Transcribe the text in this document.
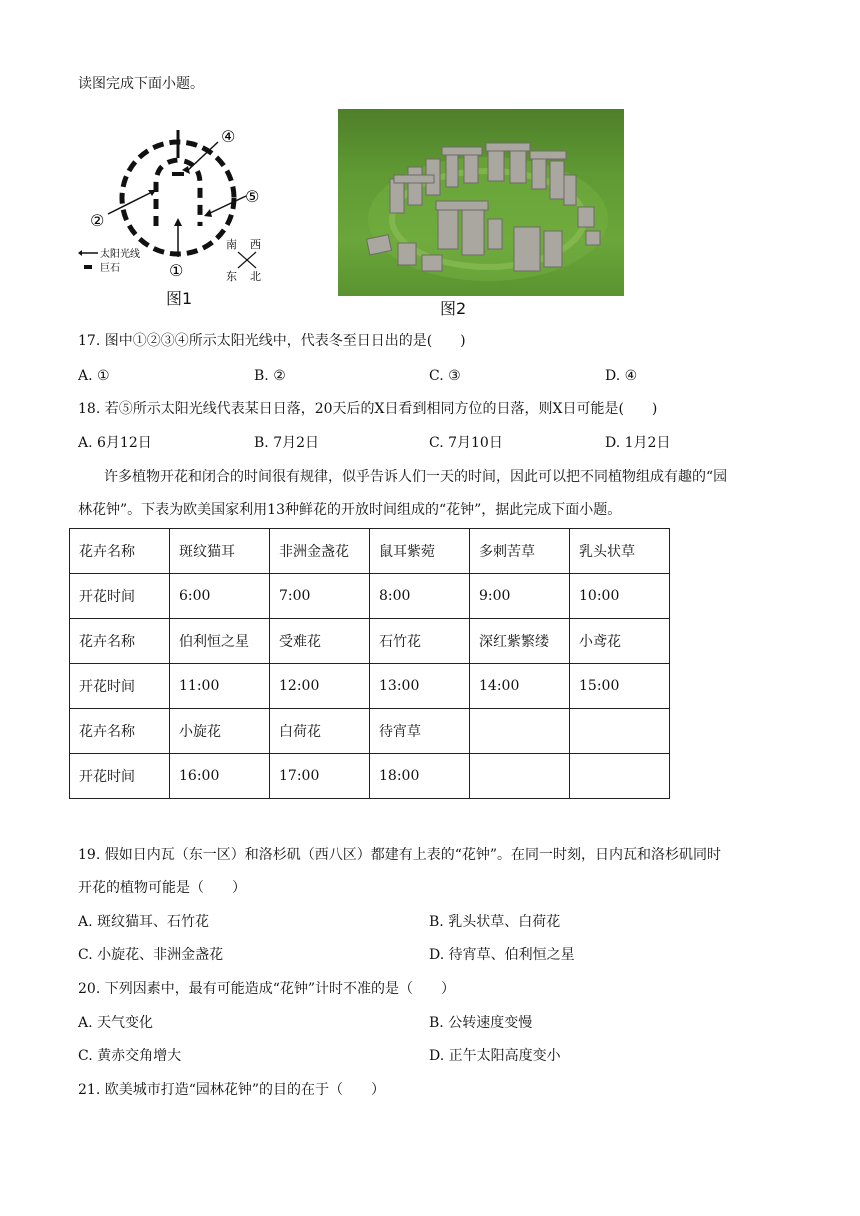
读图完成下面小题。
④
⑤
②
①
太阳光线
巨石
南 西
东 北
图1
图2
17. 图中①②③④所示太阳光线中，代表冬至日日出的是(　　)
A. ①	B. ②	C. ③	D. ④
18. 若⑤所示太阳光线代表某日日落，20天后的X日看到相同方位的日落，则X日可能是(　　)
A. 6月12日	B. 7月2日	C. 7月10日	D. 1月2日
许多植物开花和闭合的时间很有规律，似乎告诉人们一天的时间，因此可以把不同植物组成有趣的“园
林花钟”。下表为欧美国家利用13种鲜花的开放时间组成的“花钟”，据此完成下面小题。
花卉名称	斑纹猫耳	非洲金盏花	鼠耳紫菀	多刺苦草	乳头状草
开花时间	6:00	7:00	8:00	9:00	10:00
花卉名称	伯利恒之星	受难花	石竹花	深红紫繁缕	小鸢花
开花时间	11:00	12:00	13:00	14:00	15:00
花卉名称	小旋花	白荷花	待宵草		
开花时间	16:00	17:00	18:00		
19. 假如日内瓦（东一区）和洛杉矶（西八区）都建有上表的“花钟”。在同一时刻，日内瓦和洛杉矶同时
开花的植物可能是（　　）
A. 斑纹猫耳、石竹花	B. 乳头状草、白荷花
C. 小旋花、非洲金盏花	D. 待宵草、伯利恒之星
20. 下列因素中，最有可能造成“花钟”计时不准的是（　　）
A. 天气变化	B. 公转速度变慢
C. 黄赤交角增大	D. 正午太阳高度变小
21. 欧美城市打造“园林花钟”的目的在于（　　）
